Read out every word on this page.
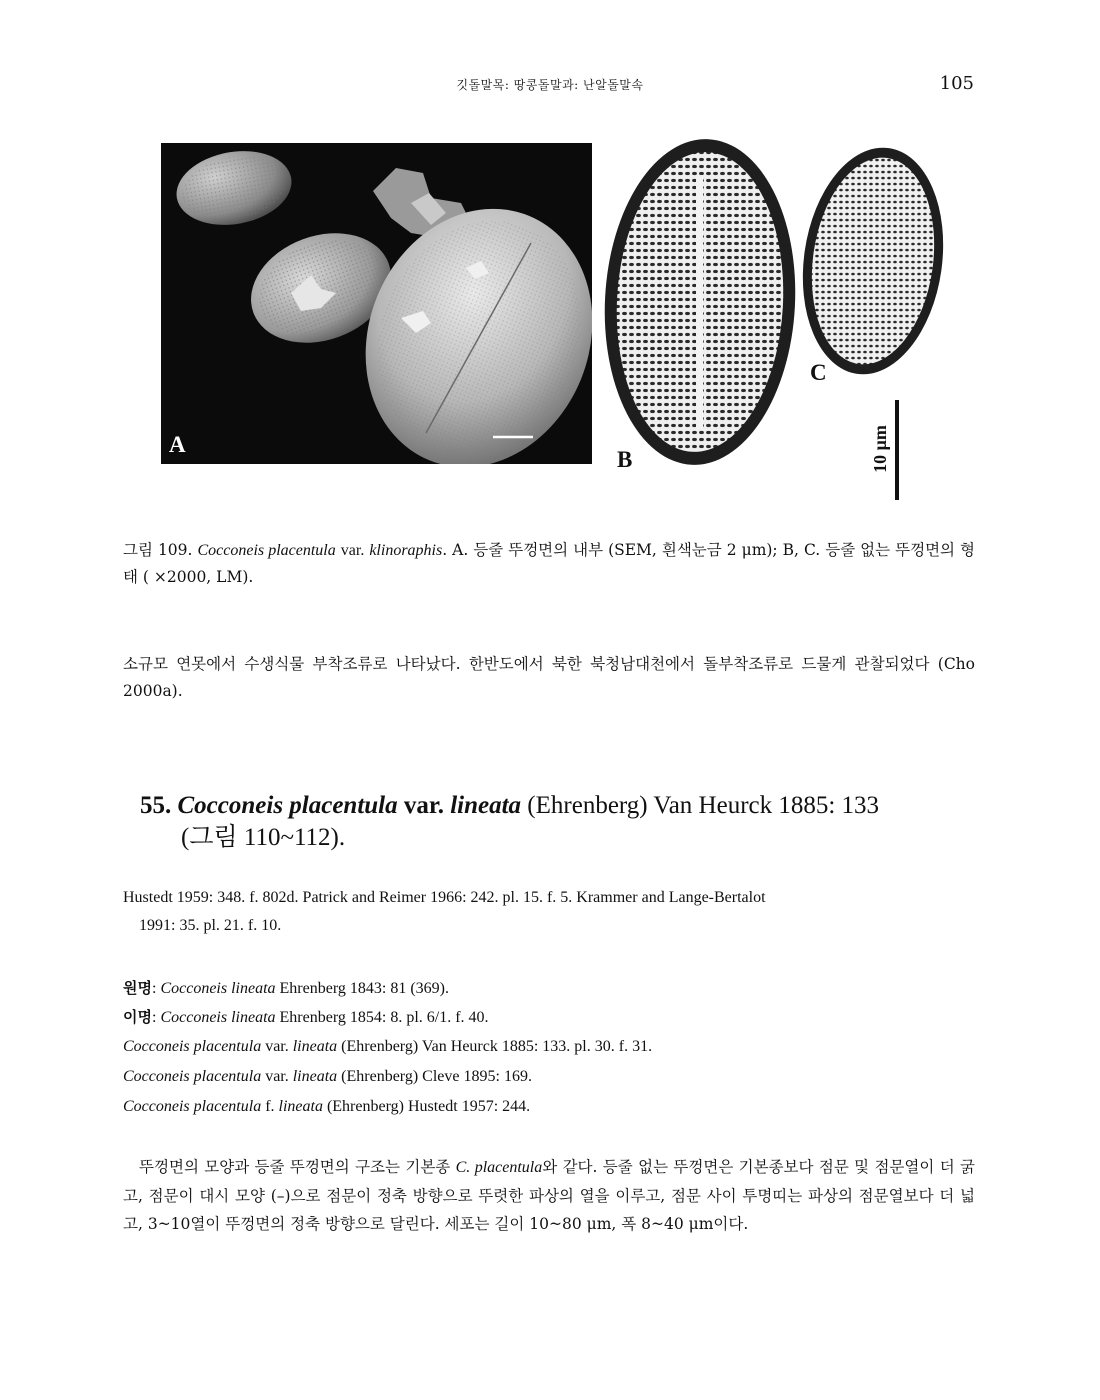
깃돌말목: 땅콩돌말과: 난알돌말속	105
A
B
C
10 μm
그림 109. Cocconeis placentula var. klinoraphis. A. 등줄 뚜껑면의 내부 (SEM, 흰색눈금 2 μm); B, C. 등줄 없는 뚜껑면의 형태 ( ×2000, LM).
소규모 연못에서 수생식물 부착조류로 나타났다. 한반도에서 북한 북청남대천에서 돌부착조류로 드물게 관찰되었다 (Cho 2000a).
55. Cocconeis placentula var. lineata (Ehrenberg) Van Heurck 1885: 133
(그림 110~112).
Hustedt 1959: 348. f. 802d. Patrick and Reimer 1966: 242. pl. 15. f. 5. Krammer and Lange-Bertalot
1991: 35. pl. 21. f. 10.
원명: Cocconeis lineata Ehrenberg 1843: 81 (369).
이명: Cocconeis lineata Ehrenberg 1854: 8. pl. 6/1. f. 40.
Cocconeis placentula var. lineata (Ehrenberg) Van Heurck 1885: 133. pl. 30. f. 31.
Cocconeis placentula var. lineata (Ehrenberg) Cleve 1895: 169.
Cocconeis placentula f. lineata (Ehrenberg) Hustedt 1957: 244.
뚜껑면의 모양과 등줄 뚜껑면의 구조는 기본종 C. placentula와 같다. 등줄 없는 뚜껑면은 기본종보다 점문 및 점문열이 더 굵고, 점문이 대시 모양 (–)으로 점문이 정축 방향으로 뚜렷한 파상의 열을 이루고, 점문 사이 투명띠는 파상의 점문열보다 더 넓고, 3~10열이 뚜껑면의 정축 방향으로 달린다. 세포는 길이 10~80 μm, 폭 8~40 μm이다.
